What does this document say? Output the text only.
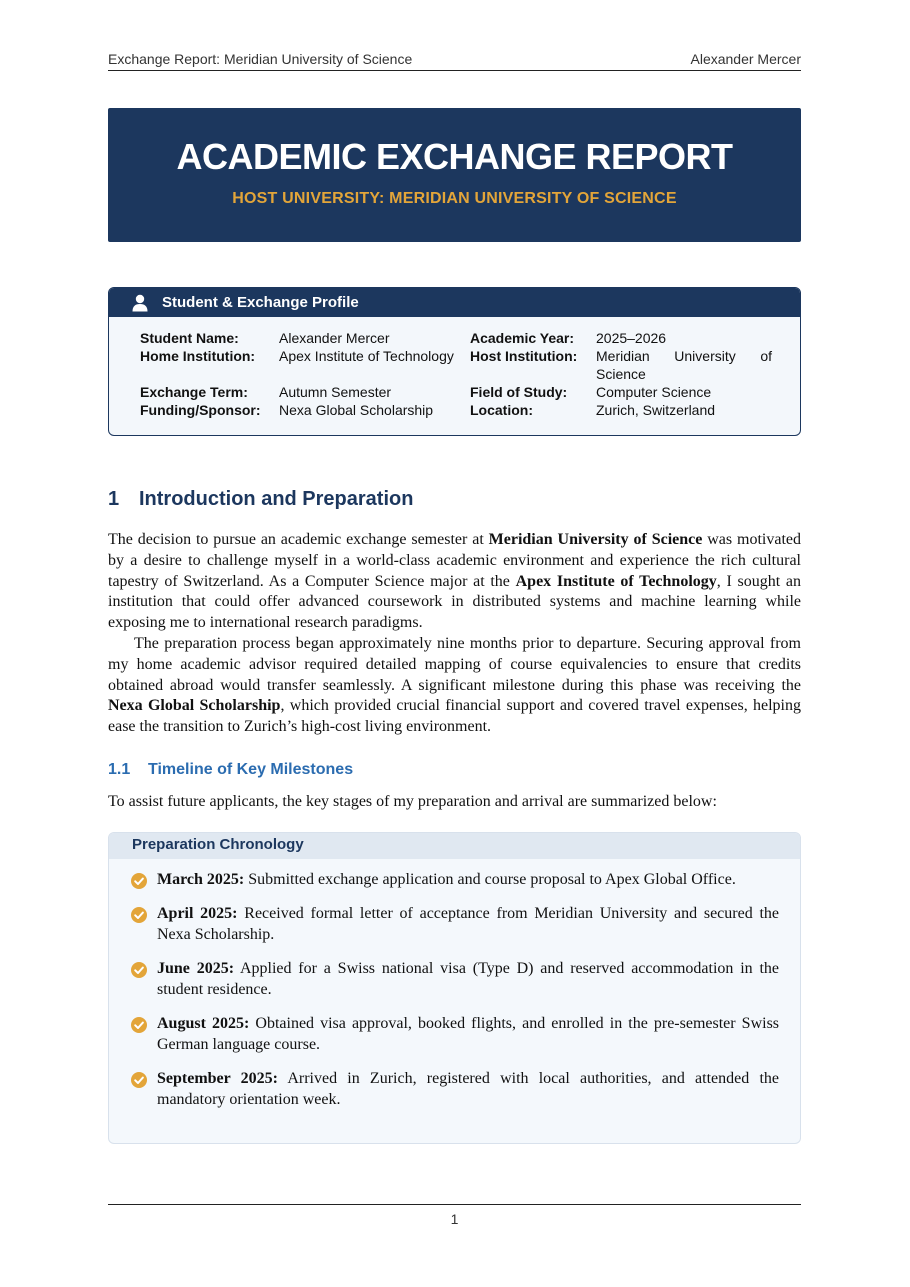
Exchange Report: Meridian University of Science	Alexander Mercer
ACADEMIC EXCHANGE REPORT
HOST UNIVERSITY: MERIDIAN UNIVERSITY OF SCIENCE
Student & Exchange Profile
Student Name:	Alexander Mercer	Academic Year:	2025–2026
Home Institution:	Apex Institute of Technology	Host Institution:	Meridian University of Science
Exchange Term:	Autumn Semester	Field of Study:	Computer Science
Funding/Sponsor:	Nexa Global Scholarship	Location:	Zurich, Switzerland
1 Introduction and Preparation

The decision to pursue an academic exchange semester at Meridian University of Science was motivated by a desire to challenge myself in a world-class academic environment and experience the rich cultural tapestry of Switzerland. As a Computer Science major at the Apex Institute of Technology, I sought an institution that could offer advanced coursework in distributed systems and machine learning while exposing me to international research paradigms.

The preparation process began approximately nine months prior to departure. Securing approval from my home academic advisor required detailed mapping of course equivalencies to ensure that credits obtained abroad would transfer seamlessly. A significant milestone during this phase was receiving the Nexa Global Scholarship, which provided crucial financial support and covered travel expenses, helping ease the transition to Zurich’s high-cost living environment.

1.1 Timeline of Key Milestones

To assist future applicants, the key stages of my preparation and arrival are summarized below:

Preparation Chronology
March 2025: Submitted exchange application and course proposal to Apex Global Office.
April 2025: Received formal letter of acceptance from Meridian University and secured the Nexa Scholarship.
June 2025: Applied for a Swiss national visa (Type D) and reserved accommodation in the student residence.
August 2025: Obtained visa approval, booked flights, and enrolled in the pre-semester Swiss German language course.
September 2025: Arrived in Zurich, registered with local authorities, and attended the mandatory orientation week.
1
